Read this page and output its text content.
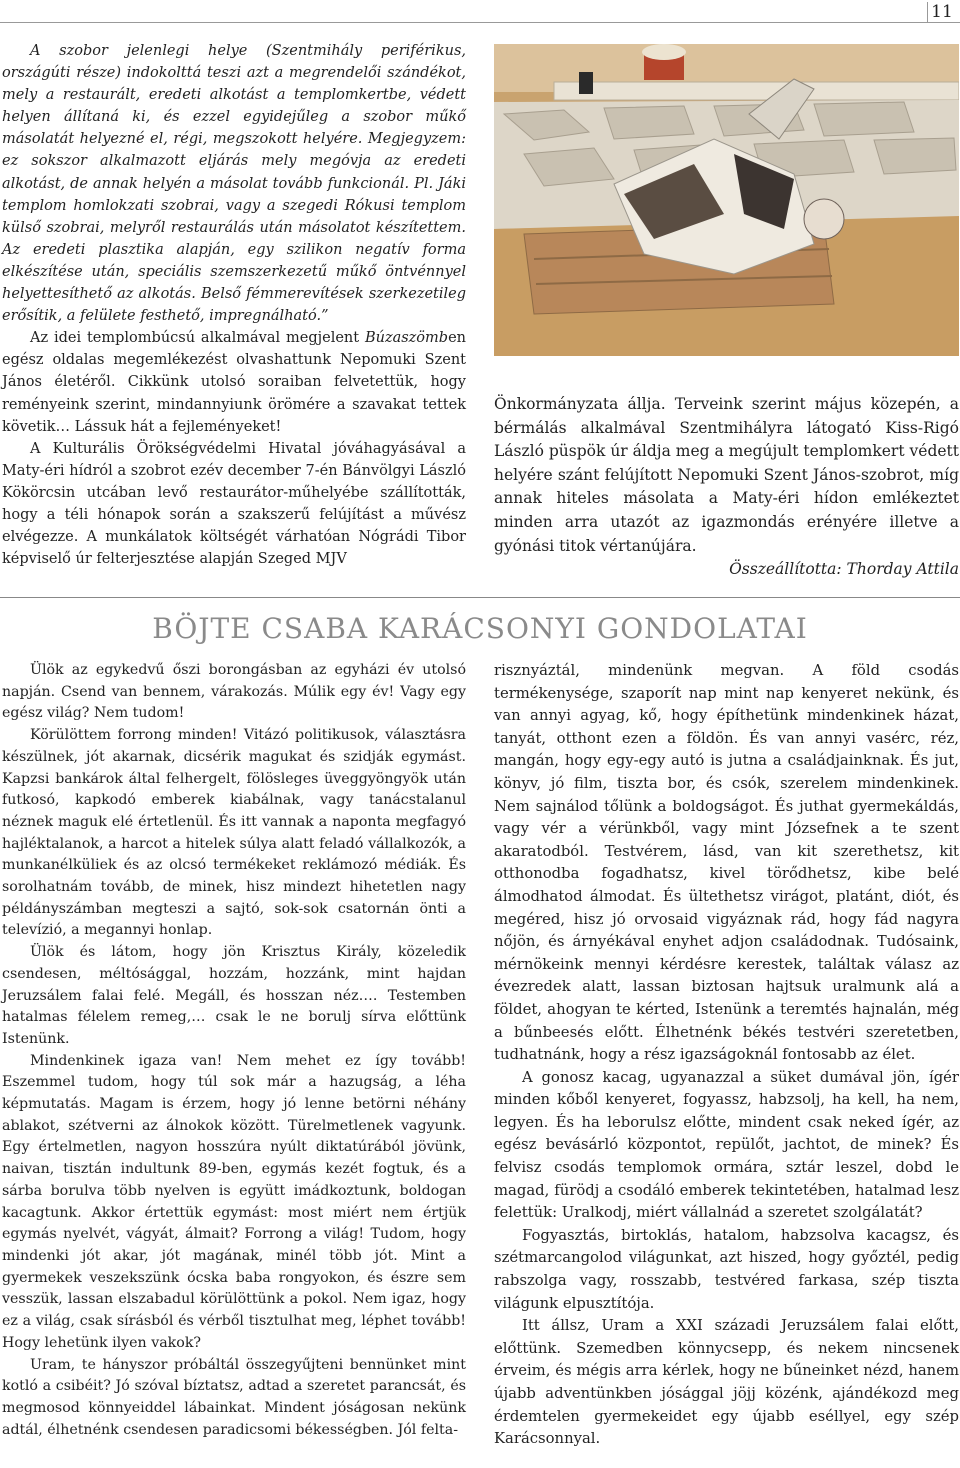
11

A szobor jelenlegi helye (Szentmihály periférikus, országúti része) indokolttá teszi azt a megrendelői szándékot, mely a restaurált, eredeti alkotást a templomkertbe, védett helyen állítaná ki, és ezzel egyidejűleg a szobor műkő másolatát helyezné el, régi, megszokott helyére. Megjegyzem: ez sokszor alkalmazott eljárás mely megóvja az eredeti alkotást, de annak helyén a másolat tovább funkcionál. Pl. Jáki templom homlokzati szobrai, vagy a szegedi Rókusi templom külső szobrai, melyről restaurálás után másolatot készítettem. Az eredeti plasztika alapján, egy szilikon negatív forma elkészítése után, speciális szemszerkezetű műkő öntvénnyel helyettesíthető az alkotás. Belső fémmerevítések szerkezetileg erősítik, a felülete festhető, impregnálható.”

Az idei templombúcsú alkalmával megjelent Búzaszömben egész oldalas megemlékezést olvashattunk Nepomuki Szent János életéről. Cikkünk utolsó soraiban felvetettük, hogy reményeink szerint, mindannyiunk örömére a szavakat tettek követik… Lássuk hát a fejleményeket!

A Kulturális Örökségvédelmi Hivatal jóváhagyásával a Maty-éri hídról a szobrot ezév december 7-én Bánvölgyi László Kökörcsin utcában levő restaurátor-műhelyébe szállították, hogy a téli hónapok során a szakszerű felújítást a művész elvégezze. A munkálatok költségét várhatóan Nógrádi Tibor képviselő úr felterjesztése alapján Szeged MJV

Önkormányzata állja. Terveink szerint május közepén, a bérmálás alkalmával Szentmihályra látogató Kiss-Rigó László püspök úr áldja meg a megújult templomkert védett helyére szánt felújított Nepomuki Szent János-szobrot, míg annak hiteles másolata a Maty-éri hídon emlékeztet minden arra utazót az igazmondás erényére illetve a gyónási titok vértanújára.

Összeállította: Thorday Attila

BÖJTE CSABA KARÁCSONYI GONDOLATAI

Ülök az egykedvű őszi borongásban az egyházi év utolsó napján. Csend van bennem, várakozás. Múlik egy év! Vagy egy egész világ? Nem tudom!

Körülöttem forrong minden! Vitázó politikusok, választásra készülnek, jót akarnak, dicsérik magukat és szidják egymást. Kapzsi bankárok által felhergelt, fölösleges üveggyöngyök után futkosó, kapkodó emberek kiabálnak, vagy tanácstalanul néznek maguk elé értetlenül. És itt vannak a naponta megfagyó hajléktalanok, a harcot a hitelek súlya alatt feladó vállalkozók, a munkanélküliek és az olcsó termékeket reklámozó médiák. És sorolhatnám tovább, de minek, hisz mindezt hihetetlen nagy példányszámban megteszi a sajtó, sok-sok csatornán önti a televízió, a megannyi honlap.

Ülök és látom, hogy jön Krisztus Király, közeledik csendesen, méltósággal, hozzám, hozzánk, mint hajdan Jeruzsálem falai felé. Megáll, és hosszan néz…. Testemben hatalmas félelem remeg,… csak le ne borulj sírva előttünk Istenünk.

Mindenkinek igaza van! Nem mehet ez így tovább! Eszemmel tudom, hogy túl sok már a hazugság, a léha képmutatás. Magam is érzem, hogy jó lenne betörni néhány ablakot, szétverni az álnokok között. Türelmetlenek vagyunk. Egy értelmetlen, nagyon hosszúra nyúlt diktatúrából jövünk, naivan, tisztán indultunk 89-ben, egymás kezét fogtuk, és a sárba borulva több nyelven is együtt imádkoztunk, boldogan kacagtunk. Akkor értettük egymást: most miért nem értjük egymás nyelvét, vágyát, álmait? Forrong a világ! Tudom, hogy mindenki jót akar, jót magának, minél több jót. Mint a gyermekek veszekszünk ócska baba rongyokon, és észre sem vesszük, lassan elszabadul körülöttünk a pokol. Nem igaz, hogy ez a világ, csak sírásból és vérből tisztulhat meg, léphet tovább! Hogy lehetünk ilyen vakok?

Uram, te hányszor próbáltál összegyűjteni bennünket mint kotló a csibéit? Jó szóval bíztatsz, adtad a szeretet parancsát, és megmosod könnyeiddel lábainkat. Mindent jóságosan nekünk adtál, élhetnénk csendesen paradicsomi békességben. Jól felta-

risznyáztál, mindenünk megvan. A föld csodás termékenysége, szaporít nap mint nap kenyeret nekünk, és van annyi agyag, kő, hogy építhetünk mindenkinek házat, tanyát, otthont ezen a földön. És van annyi vasérc, réz, mangán, hogy egy-egy autó is jutna a családjainknak. És jut, könyv, jó film, tiszta bor, és csók, szerelem mindenkinek. Nem sajnálod tőlünk a boldogságot. És juthat gyermekáldás, vagy vér a vérünkből, vagy mint Józsefnek a te szent akaratodból. Testvérem, lásd, van kit szerethetsz, kit otthonodba fogadhatsz, kivel törődhetsz, kibe belé álmodhatod álmodat. És ültethetsz virágot, platánt, diót, és megéred, hisz jó orvosaid vigyáznak rád, hogy fád nagyra nőjön, és árnyékával enyhet adjon családodnak. Tudósaink, mérnökeink mennyi kérdésre kerestek, találtak válasz az évezredek alatt, lassan biztosan hajtsuk uralmunk alá a földet, ahogyan te kérted, Istenünk a teremtés hajnalán, még a bűnbeesés előtt. Élhetnénk békés testvéri szeretetben, tudhatnánk, hogy a rész igazságoknál fontosabb az élet.

A gonosz kacag, ugyanazzal a süket dumával jön, ígér minden kőből kenyeret, fogyassz, habzsolj, ha kell, ha nem, legyen. És ha leborulsz előtte, mindent csak neked ígér, az egész bevásárló központot, repülőt, jachtot, de minek? És felvisz csodás templomok ormára, sztár leszel, dobd le magad, fürödj a csodáló emberek tekintetében, hatalmad lesz felettük: Uralkodj, miért vállalnád a szeretet szolgálatát?

Fogyasztás, birtoklás, hatalom, habzsolva kacagsz, és szétmarcangolod világunkat, azt hiszed, hogy győztél, pedig rabszolga vagy, rosszabb, testvéred farkasa, szép tiszta világunk elpusztítója.

Itt állsz, Uram a XXI századi Jeruzsálem falai előtt, előttünk. Szemedben könnycsepp, és nekem nincsenek érveim, és mégis arra kérlek, hogy ne bűneinket nézd, hanem újabb adventünkben jósággal jöjj közénk, ajándékozd meg érdemtelen gyermekeidet egy újabb eséllyel, egy szép Karácsonnyal.
